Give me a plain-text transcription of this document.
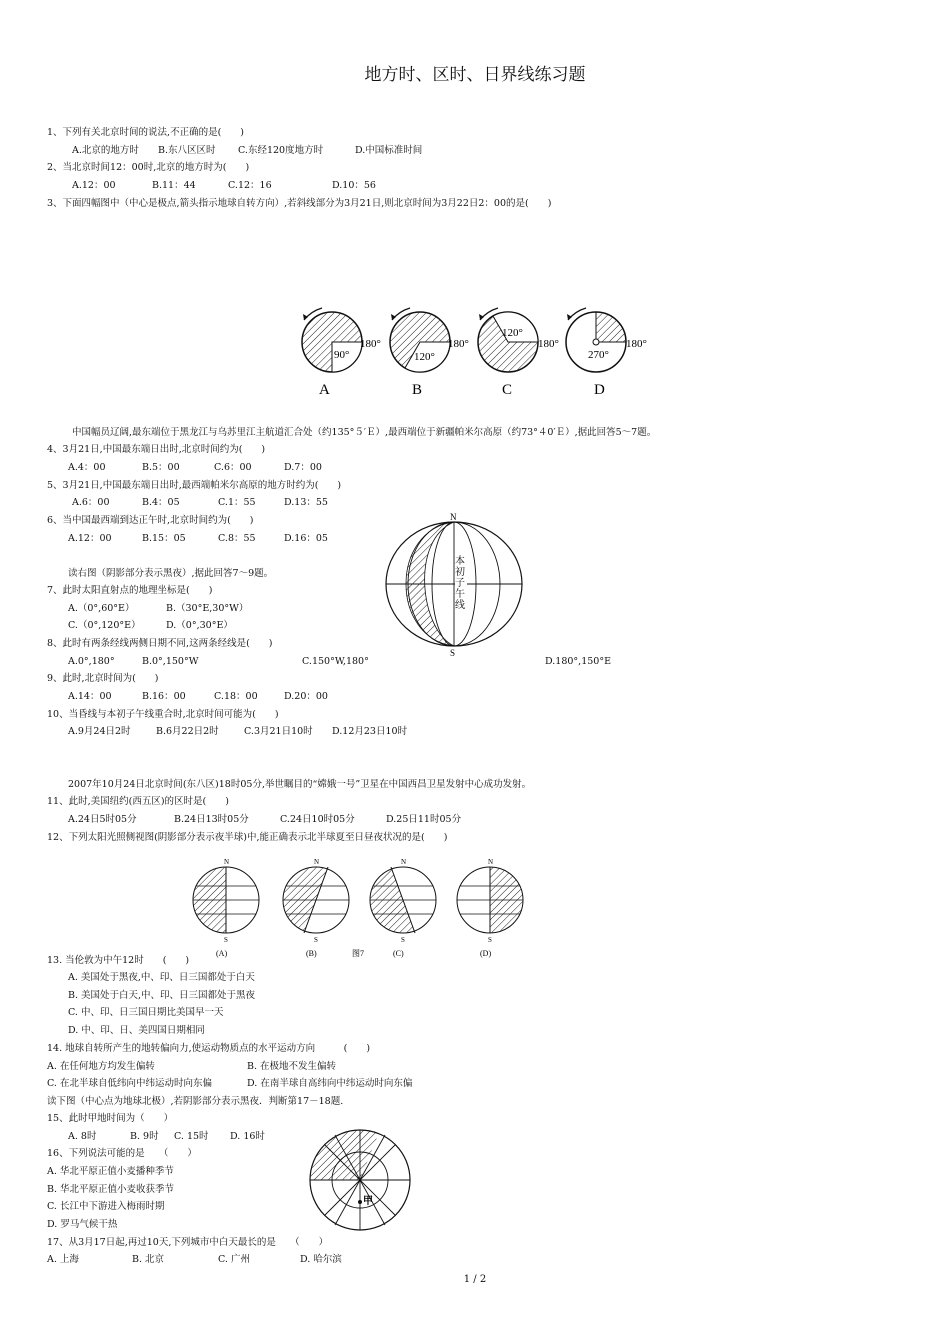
地方时、区时、日界线练习题
1、下列有关北京时间的说法,不正确的是(　　)
A.北京的地方时 B.东八区区时 C.东经120度地方时	D.中国标准时间
2、当北京时间12：00时,北京的地方时为(　　)
A.12：00	B.11：44	C.12：16	D.10：56
3、下面四幅图中（中心是极点,箭头指示地球自转方向）,若斜线部分为3月21日,则北京时间为3月22日2：00的是(　　)
90°
180°
A
120°
180°
B
120°
180°
C
270°
180°
D
中国幅员辽阔,最东端位于黑龙江与乌苏里江主航道汇合处（约135°５′Ｅ）,最西端位于新疆帕米尔高原（约73°４0′Ｅ）,据此回答5～7题。
4、3月21日,中国最东端日出时,北京时间约为(　　)
A.4：00	B.5：00	C.6：00	D.7：00
5、3月21日,中国最东端日出时,最西端帕米尔高原的地方时约为(　　)
A.6：00	B.4：05	C.1：55	D.13：55
6、当中国最西端到达正午时,北京时间约为(　　)
A.12：00	B.15：05	C.8：55	D.16：05
N
S
本初子午线
读右图（阴影部分表示黑夜）,据此回答7～9题。
7、此时太阳直射点的地理坐标是(　　)
A.（0°,60°E）	B.（30°E,30°W）
C.（0°,120°E）	D.（0°,30°E）
8、此时有两条经线两侧日期不同,这两条经线是(　　)
A.0°,180°	B.0°,150°W	C.150°W,180°	D.180°,150°E
9、此时,北京时间为(　　)
A.14：00	B.16：00	C.18：00	D.20：00
10、当昏线与本初子午线重合时,北京时间可能为(　　)
A.9月24日2时	B.6月22日2时	C.3月21日10时 D.12月23日10时
2007年10月24日北京时间(东八区)18时05分,举世瞩目的“嫦娥一号”卫星在中国西昌卫星发射中心成功发射。
11、此时,美国纽约(西五区)的区时是(　　)
A.24日5时05分	B.24日13时05分	C.24日10时05分	D.25日11时05分
12、下列太阳光照侧视图(阴影部分表示夜半球)中,能正确表示北半球夏至日昼夜状况的是(　　)
N
S
(A)
N
S
(B)
N
S
(C)
N
S
(D)
图7
13. 当伦敦为中午12时　　(　　)
A. 美国处于黑夜,中、印、日三国都处于白天
B. 美国处于白天,中、印、日三国都处于黑夜
C. 中、印、日三国日期比美国早一天
D. 中、印、日、美四国日期相同
14. 地球自转所产生的地转偏向力,使运动物质点的水平运动方向　　　(　　)
A. 在任何地方均发生偏转	B. 在极地不发生偏转
C. 在北半球自低纬向中纬运动时向东偏	D. 在南半球自高纬向中纬运动时向东偏
读下图（中心点为地球北极）,若阴影部分表示黑夜．判断第17－18题.
15、此时甲地时间为（　　）
A. 8时	B. 9时 C. 15时 D. 16时
甲
16、下列说法可能的是　　（　　）
A. 华北平原正值小麦播种季节
B. 华北平原正值小麦收获季节
C. 长江中下游进入梅雨时期
D. 罗马气候干热
17、从3月17日起,再过10天,下列城市中白天最长的是　　（　　）
A. 上海	B. 北京	C. 广州	D. 哈尔滨
1 / 2
